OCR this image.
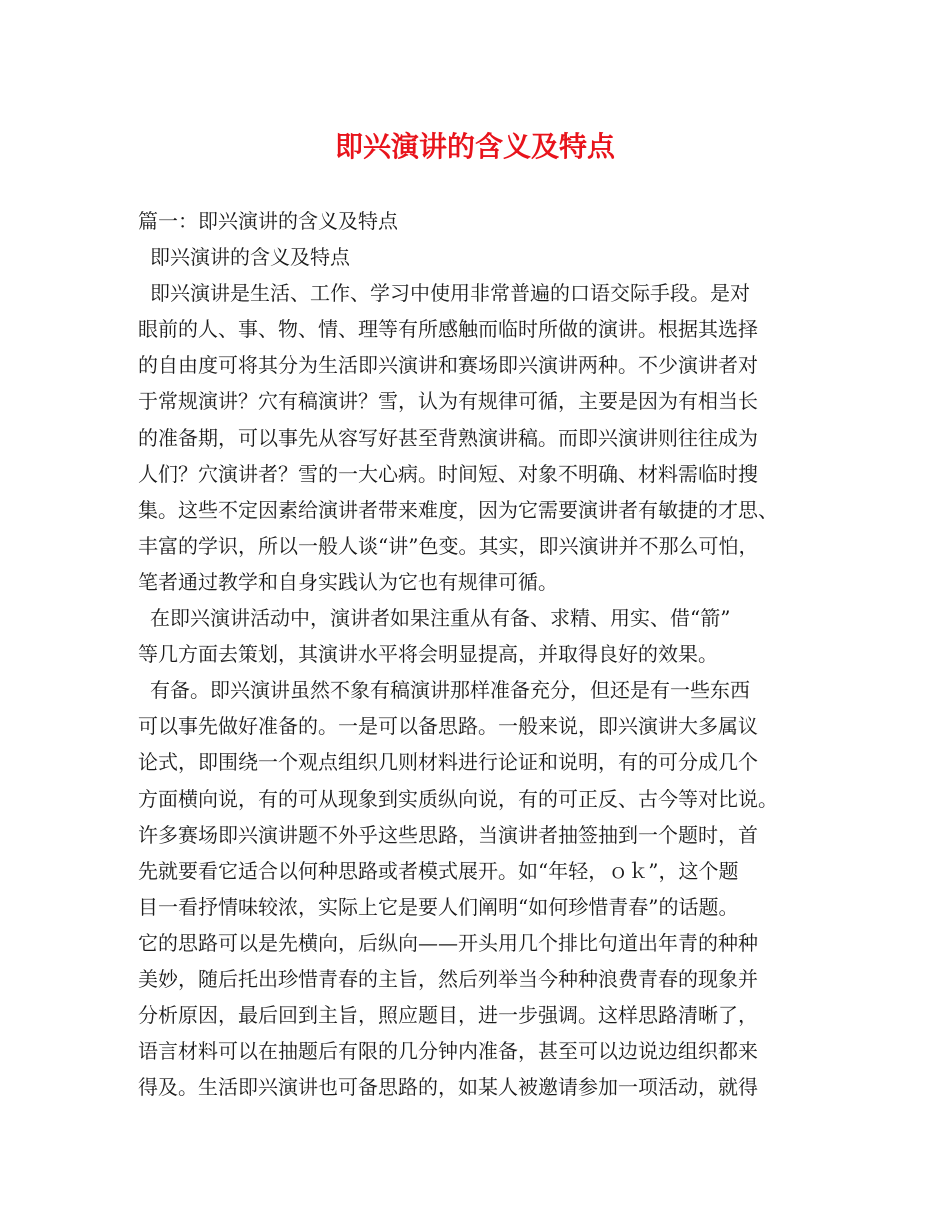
即兴演讲的含义及特点
篇一：即兴演讲的含义及特点
即兴演讲的含义及特点
即兴演讲是生活、工作、学习中使用非常普遍的口语交际手段。是对
眼前的人、事、物、情、理等有所感触而临时所做的演讲。根据其选择
的自由度可将其分为生活即兴演讲和赛场即兴演讲两种。不少演讲者对
于常规演讲？穴有稿演讲？雪，认为有规律可循，主要是因为有相当长
的准备期，可以事先从容写好甚至背熟演讲稿。而即兴演讲则往往成为
人们？穴演讲者？雪的一大心病。时间短、对象不明确、材料需临时搜
集。这些不定因素给演讲者带来难度，因为它需要演讲者有敏捷的才思、
丰富的学识，所以一般人谈“讲”色变。其实，即兴演讲并不那么可怕，
笔者通过教学和自身实践认为它也有规律可循。
在即兴演讲活动中，演讲者如果注重从有备、求精、用实、借“箭”
等几方面去策划，其演讲水平将会明显提高，并取得良好的效果。
有备。即兴演讲虽然不象有稿演讲那样准备充分，但还是有一些东西
可以事先做好准备的。一是可以备思路。一般来说，即兴演讲大多属议
论式，即围绕一个观点组织几则材料进行论证和说明，有的可分成几个
方面横向说，有的可从现象到实质纵向说，有的可正反、古今等对比说。
许多赛场即兴演讲题不外乎这些思路，当演讲者抽签抽到一个题时，首
先就要看它适合以何种思路或者模式展开。如“年轻，ｏｋ”，这个题
目一看抒情味较浓，实际上它是要人们阐明“如何珍惜青春”的话题。
它的思路可以是先横向，后纵向——开头用几个排比句道出年青的种种
美妙，随后托出珍惜青春的主旨，然后列举当今种种浪费青春的现象并
分析原因，最后回到主旨，照应题目，进一步强调。这样思路清晰了，
语言材料可以在抽题后有限的几分钟内准备，甚至可以边说边组织都来
得及。生活即兴演讲也可备思路的，如某人被邀请参加一项活动，就得
